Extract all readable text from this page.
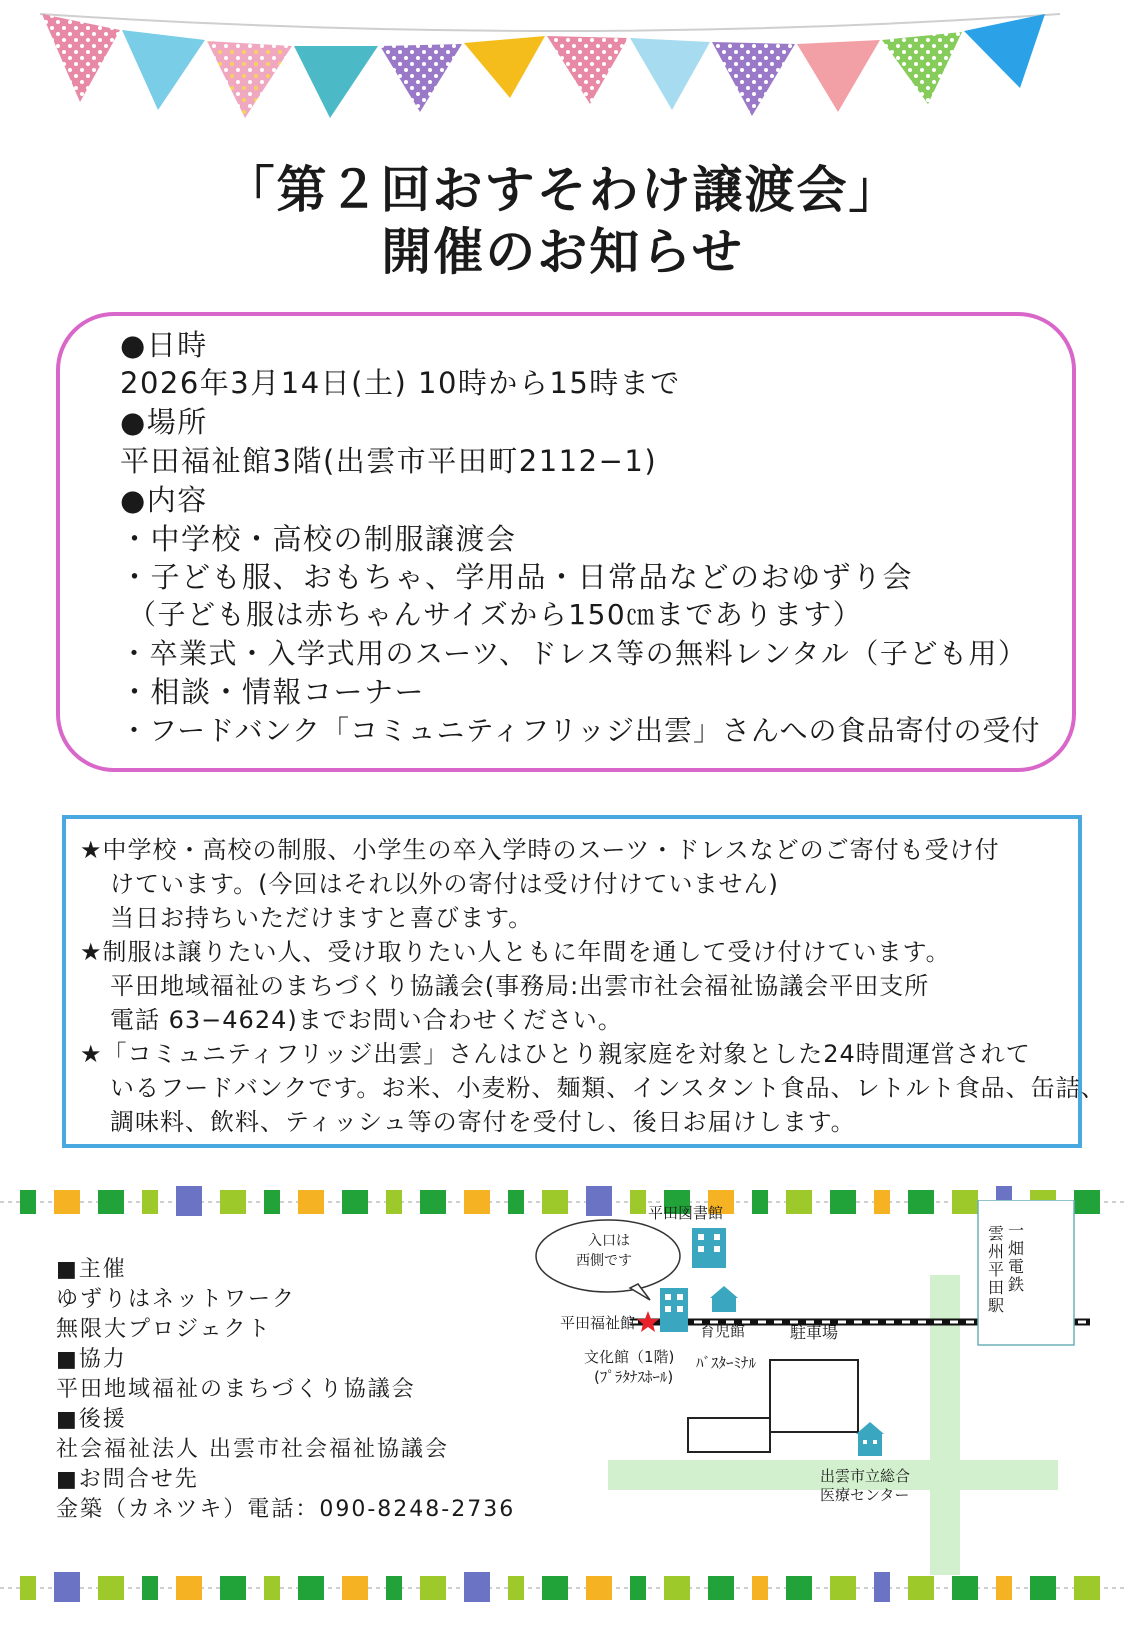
「第２回おすそわけ譲渡会」
開催のお知らせ
●日時
2026年3月14日(土) 10時から15時まで
●場所
平田福祉館3階(出雲市平田町2112−1)
●内容
・中学校・高校の制服譲渡会
・子ども服、おもちゃ、学用品・日常品などのおゆずり会
（子ども服は赤ちゃんサイズから150㎝まであります）
・卒業式・入学式用のスーツ、ドレス等の無料レンタル（子ども用）
・相談・情報コーナー
・フードバンク「コミュニティフリッジ出雲」さんへの食品寄付の受付
★中学校・高校の制服、小学生の卒入学時のスーツ・ドレスなどのご寄付も受け付
けています。(今回はそれ以外の寄付は受け付けていません)
当日お持ちいただけますと喜びます。
★制服は譲りたい人、受け取りたい人ともに年間を通して受け付けています。
平田地域福祉のまちづくり協議会(事務局:出雲市社会福祉協議会平田支所
電話 63−4624)までお問い合わせください。
★「コミュニティフリッジ出雲」さんはひとり親家庭を対象とした24時間運営されて
いるフードバンクです。お米、小麦粉、麺類、インスタント食品、レトルト食品、缶詰、
調味料、飲料、ティッシュ等の寄付を受付し、後日お届けします。
■主催
ゆずりはネットワーク
無限大プロジェクト
■協力
平田地域福祉のまちづくり協議会
■後援
社会福祉法人 出雲市社会福祉協議会
■お問合せ先
金築（カネツキ）電話：090-8248-2736
平田図書館
入口は
西側です
平田福祉館	育児館	駐車場
文化館（1階)
(ﾌﾟﾗﾀﾅｽﾎｰﾙ)
ﾊﾞｽﾀｰﾐﾅﾙ
雲州平田駅
一畑電鉄
出雲市立総合
医療センター
